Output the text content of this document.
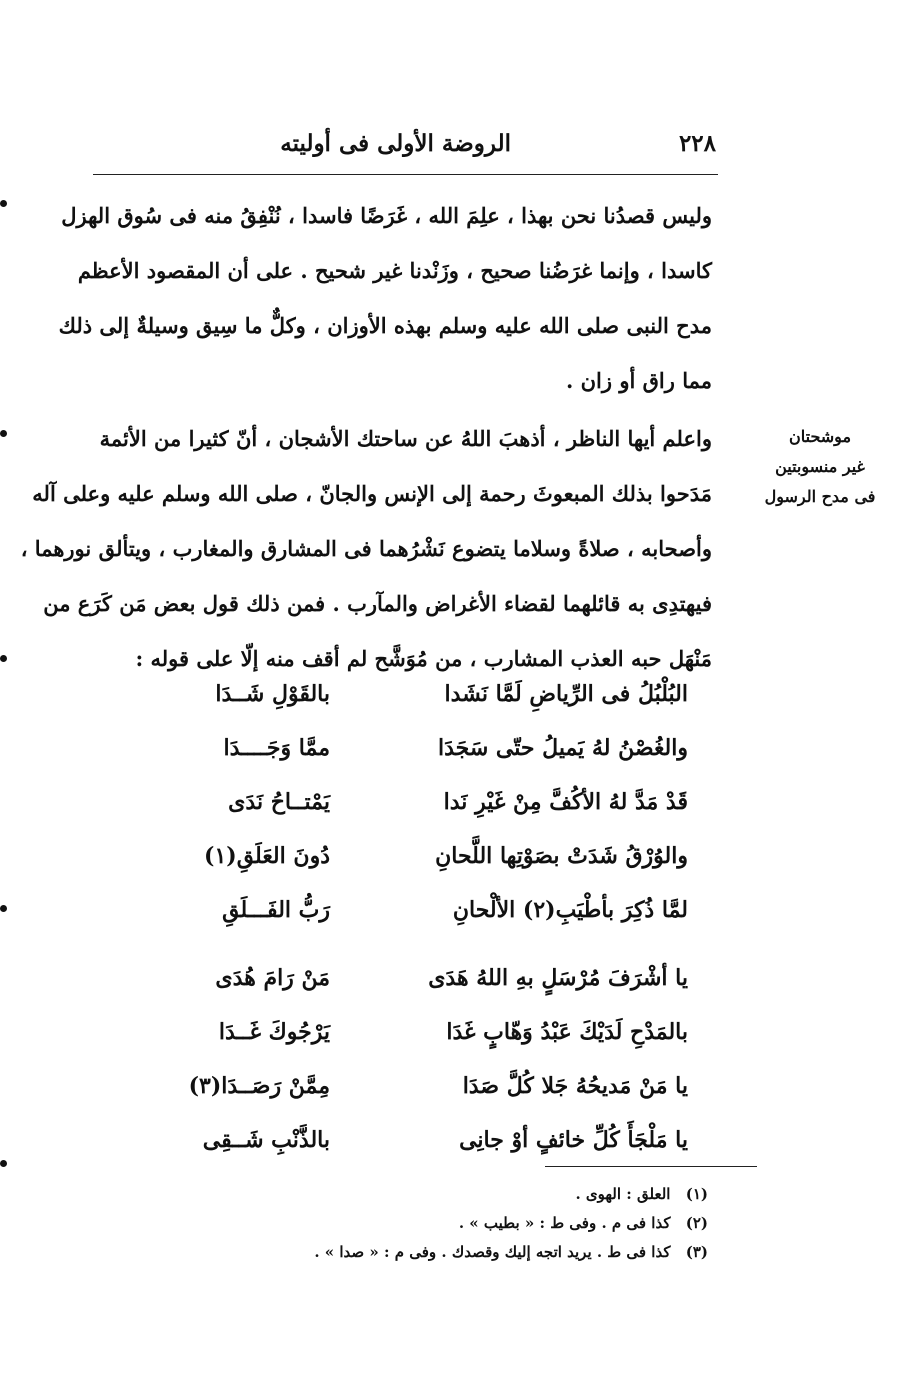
٢٢٨
الروضة الأولى فى أوليته
وليس قصدُنا نحن بهذا ، علِمَ الله ، غَرَضًا فاسدا ، نُنْفِقُ منه فى سُوق الهزل
كاسدا ، وإنما غرَضُنا صحيح ، وزَنْدنا غير شحيح . على أن المقصود الأعظم
مدح النبى صلى الله عليه وسلم بهذه الأوزان ، وكلٌّ ما سِيق وسيلةٌ إلى ذلك
مما راق أو زان .
موشحتان
غير منسوبتين
فى مدح الرسول
واعلم أيها الناظر ، أذهبَ اللهُ عن ساحتك الأشجان ، أنّ كثيرا من الأئمة
مَدَحوا بذلك المبعوثَ رحمة إلى الإنس والجانّ ، صلى الله وسلم عليه وعلى آله
وأصحابه ، صلاةً وسلاما يتضوع نَشْرُهما فى المشارق والمغارب ، ويتألق نورهما ،
فيهتدِى به قائلهما لقضاء الأغراض والمآرب . فمن ذلك قول بعض مَن كَرَع من
مَنْهَل حبه العذب المشارب ، من مُوَشَّح لم أقف منه إلّا على قوله :
البُلْبُلُ فى الرِّياضِ لَمَّا نَشَدا
بالقَوْلِ شَــدَا
والغُصْنُ لهُ يَميلُ حتّى سَجَدَا
ممَّا وَجَــــدَا
قَدْ مَدَّ لهُ الأكُفَّ مِنْ غَيْرِ نَدا
يَمْتــاحُ نَدَى
والوُرْقُ شَدَتْ بصَوْتِها اللَّحانِ
دُونَ العَلَقِ(١)
لمَّا ذُكِرَ بأطْيَبِ(٢) الألْحانِ
رَبُّ الفَـــلَقِ
يا أشْرَفَ مُرْسَلٍ بهِ اللهُ هَدَى
مَنْ رَامَ هُدَى
بالمَدْحِ لَدَيْكَ عَبْدُ وَهّابٍ غَدَا
يَرْجُوكَ غَــدَا
يا مَنْ مَديحُهُ جَلا كُلَّ صَدَا
مِمَّنْ رَصَــدَا(٣)
يا مَلْجَأَ كُلِّ خائفٍ أوْ جانِى
بالذَّنْبِ شَــقِى
(١) العلق : الهوى .
(٢) كذا فى م . وفى ط : « بطيب » .
(٣) كذا فى ط . يريد اتجه إليك وقصدك . وفى م : « صدا » .
